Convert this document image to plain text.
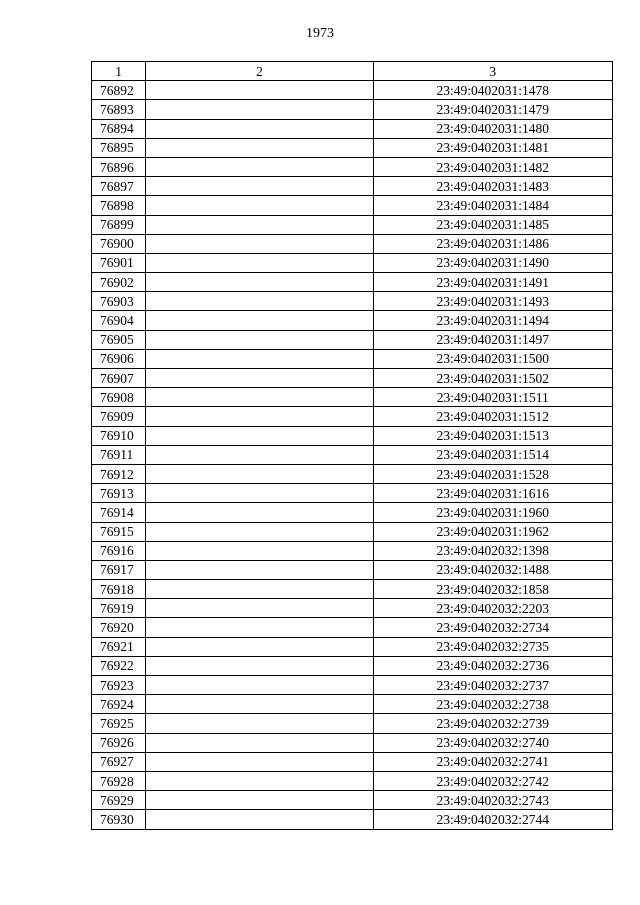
1973
1	2	3
76892		23:49:0402031:1478
76893		23:49:0402031:1479
76894		23:49:0402031:1480
76895		23:49:0402031:1481
76896		23:49:0402031:1482
76897		23:49:0402031:1483
76898		23:49:0402031:1484
76899		23:49:0402031:1485
76900		23:49:0402031:1486
76901		23:49:0402031:1490
76902		23:49:0402031:1491
76903		23:49:0402031:1493
76904		23:49:0402031:1494
76905		23:49:0402031:1497
76906		23:49:0402031:1500
76907		23:49:0402031:1502
76908		23:49:0402031:1511
76909		23:49:0402031:1512
76910		23:49:0402031:1513
76911		23:49:0402031:1514
76912		23:49:0402031:1528
76913		23:49:0402031:1616
76914		23:49:0402031:1960
76915		23:49:0402031:1962
76916		23:49:0402032:1398
76917		23:49:0402032:1488
76918		23:49:0402032:1858
76919		23:49:0402032:2203
76920		23:49:0402032:2734
76921		23:49:0402032:2735
76922		23:49:0402032:2736
76923		23:49:0402032:2737
76924		23:49:0402032:2738
76925		23:49:0402032:2739
76926		23:49:0402032:2740
76927		23:49:0402032:2741
76928		23:49:0402032:2742
76929		23:49:0402032:2743
76930		23:49:0402032:2744
